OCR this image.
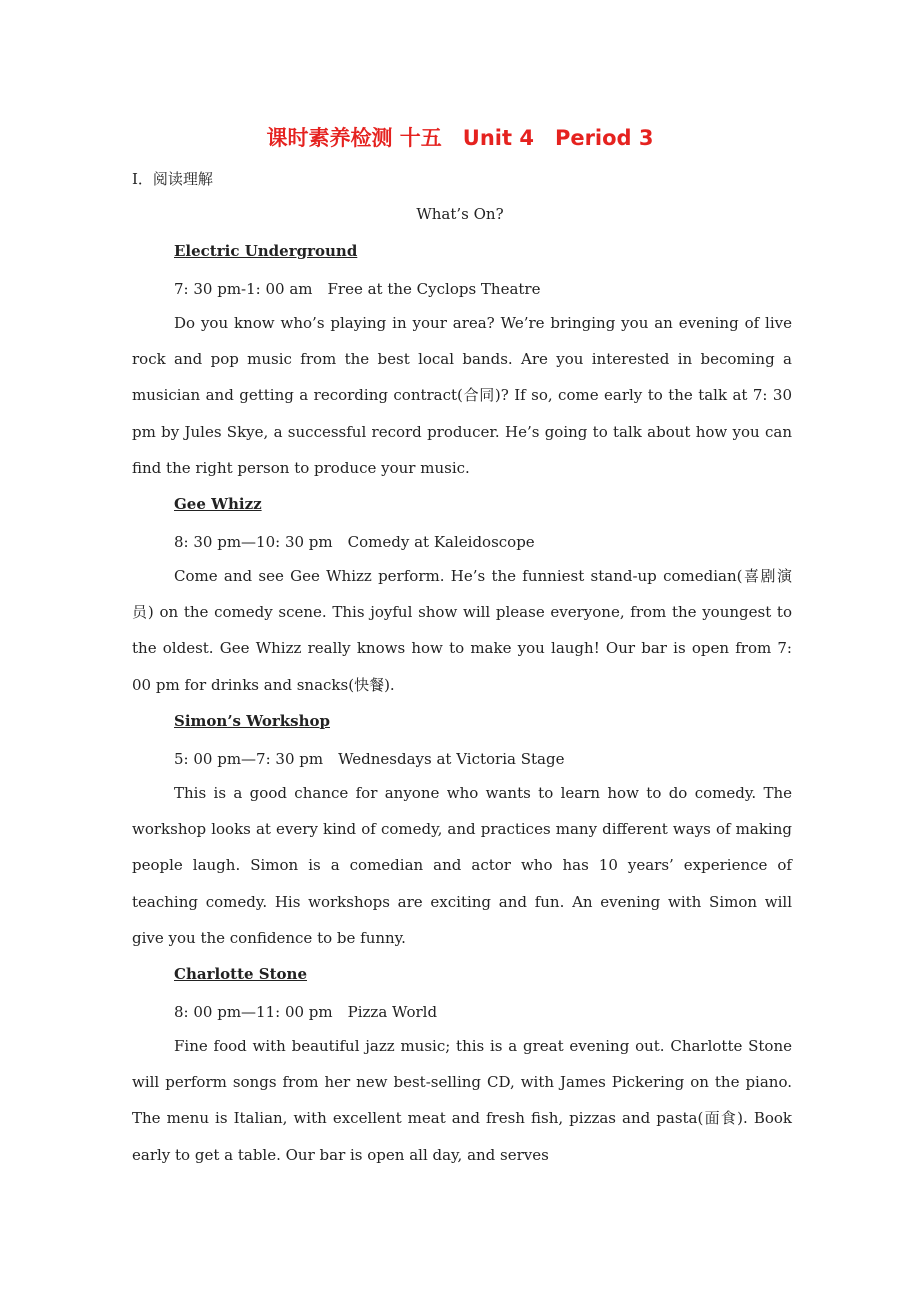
课时素养检测 十五　Unit 4　Period 3
Ⅰ．阅读理解
What’s On?
Electric Underground
7: 30 pm-1: 00 am　Free at the Cyclops Theatre

Do you know who’s playing in your area? We’re bringing you an evening of live rock and pop music from the best local bands. Are you interested in becoming a musician and getting a recording contract(合同)? If so, come early to the talk at 7: 30 pm by Jules Skye, a successful record producer. He’s going to talk about how you can find the right person to produce your music.

Gee Whizz
8: 30 pm—10: 30 pm　Comedy at Kaleidoscope

Come and see Gee Whizz perform. He’s the funniest stand-up comedian(喜剧演员) on the comedy scene. This joyful show will please everyone, from the youngest to the oldest. Gee Whizz really knows how to make you laugh! Our bar is open from 7: 00 pm for drinks and snacks(快餐).

Simon’s Workshop
5: 00 pm—7: 30 pm　Wednesdays at Victoria Stage

This is a good chance for anyone who wants to learn how to do comedy. The workshop looks at every kind of comedy, and practices many different ways of making people laugh. Simon is a comedian and actor who has 10 years’ experience of teaching comedy. His workshops are exciting and fun. An evening with Simon will give you the confidence to be funny.

Charlotte Stone
8: 00 pm—11: 00 pm　Pizza World

Fine food with beautiful jazz music; this is a great evening out. Charlotte Stone will perform songs from her new best-selling CD, with James Pickering on the piano. The menu is Italian, with excellent meat and fresh fish, pizzas and pasta(面食). Book early to get a table. Our bar is open all day, and serves
